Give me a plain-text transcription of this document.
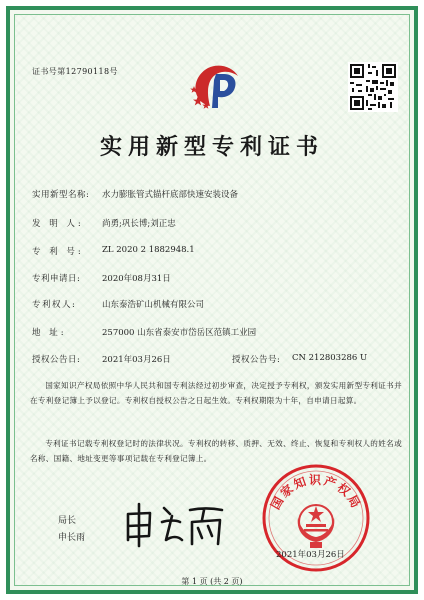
证书号第12790118号
实用新型专利证书
实用新型名称: 水力膨胀管式锚杆底部快速安装设备
发 明 人: 尚勇;巩长博;刘正忠
专 利 号: ZL 2020 2 1882948.1
专利申请日:	2020年08月31日
专利权人:	山东泰浩矿山机械有限公司
地 址:	257000 山东省泰安市岱岳区范镇工业园
授权公告日:	2021年03月26日	授权公告号: CN 212803286 U
国家知识产权局依照中华人民共和国专利法经过初步审查，决定授予专利权，颁发实用新型专利证书并在专利登记簿上予以登记。专利权自授权公告之日起生效。专利权期限为十年，自申请日起算。
专利证书记载专利权登记时的法律状况。专利权的转移、质押、无效、终止、恢复和专利权人的姓名或名称、国籍、地址变更等事项记载在专利登记簿上。
局长
申长雨
国家知识产权局
2021年03月26日
第 1 页 (共 2 页)
